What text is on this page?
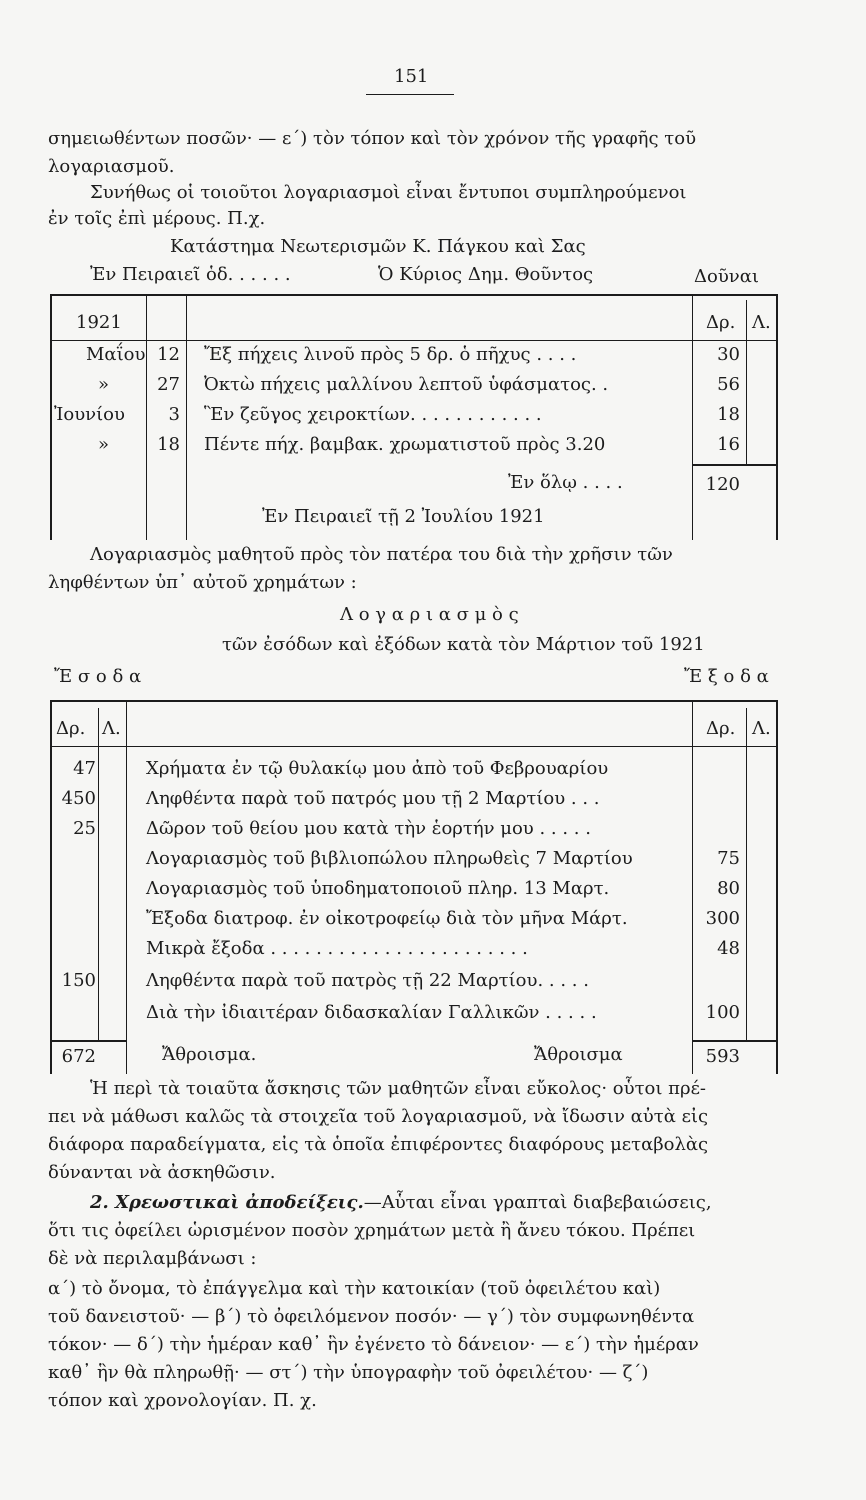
151
σημειωθέντων ποσῶν· — ε΄) τὸν τόπον καὶ τὸν χρόνον τῆς γραφῆς τοῦ
λογαριασμοῦ.
Συνήθως οἱ τοιοῦτοι λογαριασμοὶ εἶναι ἔντυποι συμπληρούμενοι
ἐν τοῖς ἐπὶ μέρους. Π.χ.
Κατάστημα Νεωτερισμῶν Κ. Πάγκου καὶ Σας
Ἐν Πειραιεῖ ὁδ. . . . . .	Ὁ Κύριος Δημ. Θοῦντος	Δοῦναι
1921	Δρ. Λ.
Μαΐου 12 Ἔξ πήχεις λινοῦ πρὸς 5 δρ. ὁ πῆχυς . . . .	30
»	27 Ὀκτὼ πήχεις μαλλίνου λεπτοῦ ὑφάσματος. .	56
Ἰουνίου	3 Ἓν ζεῦγος χειροκτίων. . . . . . . . . . . .	18
»	18 Πέντε πήχ. βαμβακ. χρωματιστοῦ πρὸς 3.20	16
Ἐν ὅλῳ . . . .	120
Ἐν Πειραιεῖ τῇ 2 Ἰουλίου 1921
Λογαριασμὸς μαθητοῦ πρὸς τὸν πατέρα του διὰ τὴν χρῆσιν τῶν
ληφθέντων ὑπ᾽ αὐτοῦ χρημάτων :
Λ ο γ α ρ ι α σ μ ὸ ς
τῶν ἐσόδων καὶ ἐξόδων κατὰ τὸν Μάρτιον τοῦ 1921
Ἔ σ ο δ α	Ἔ ξ ο δ α
Δρ. Λ.	Δρ. Λ.
47	Χρήματα ἐν τῷ θυλακίῳ μου ἀπὸ τοῦ Φεβρουαρίου
450	Ληφθέντα παρὰ τοῦ πατρός μου τῇ 2 Μαρτίου . . .
25	Δῶρον τοῦ θείου μου κατὰ τὴν ἑορτήν μου . . . . .
Λογαριασμὸς τοῦ βιβλιοπώλου πληρωθεὶς 7 Μαρτίου	75
Λογαριασμὸς τοῦ ὑποδηματοποιοῦ πληρ. 13 Μαρτ.	80
Ἔξοδα διατροφ. ἐν οἰκοτροφείῳ διὰ τὸν μῆνα Μάρτ.	300
Μικρὰ ἔξοδα . . . . . . . . . . . . . . . . . . . . . . .	48
150	Ληφθέντα παρὰ τοῦ πατρὸς τῇ 22 Μαρτίου. . . . .
Διὰ τὴν ἰδιαιτέραν διδασκαλίαν Γαλλικῶν . . . . .	100
672	Ἄθροισμα.	Ἄθροισμα	593
Ἡ περὶ τὰ τοιαῦτα ἄσκησις τῶν μαθητῶν εἶναι εὔκολος· οὗτοι πρέ-
πει νὰ μάθωσι καλῶς τὰ στοιχεῖα τοῦ λογαριασμοῦ, νὰ ἴδωσιν αὐτὰ εἰς
διάφορα παραδείγματα, εἰς τὰ ὁποῖα ἐπιφέροντες διαφόρους μεταβολὰς
δύνανται νὰ ἀσκηθῶσιν.
2. Χρεωστικαὶ ἀποδείξεις.—Αὗται εἶναι γραπταὶ διαβεβαιώσεις,
ὅτι τις ὀφείλει ὡρισμένον ποσὸν χρημάτων μετὰ ἢ ἄνευ τόκου. Πρέπει
δὲ νὰ περιλαμβάνωσι :
α΄) τὸ ὄνομα, τὸ ἐπάγγελμα καὶ τὴν κατοικίαν (τοῦ ὀφειλέτου καὶ)
τοῦ δανειστοῦ· — β΄) τὸ ὀφειλόμενον ποσόν· — γ΄) τὸν συμφωνηθέντα
τόκον· — δ΄) τὴν ἡμέραν καθ᾽ ἣν ἐγένετο τὸ δάνειον· — ε΄) τὴν ἡμέραν
καθ᾽ ἣν θὰ πληρωθῇ· — στ΄) τὴν ὑπογραφὴν τοῦ ὀφειλέτου· — ζ΄)
τόπον καὶ χρονολογίαν. Π. χ.
